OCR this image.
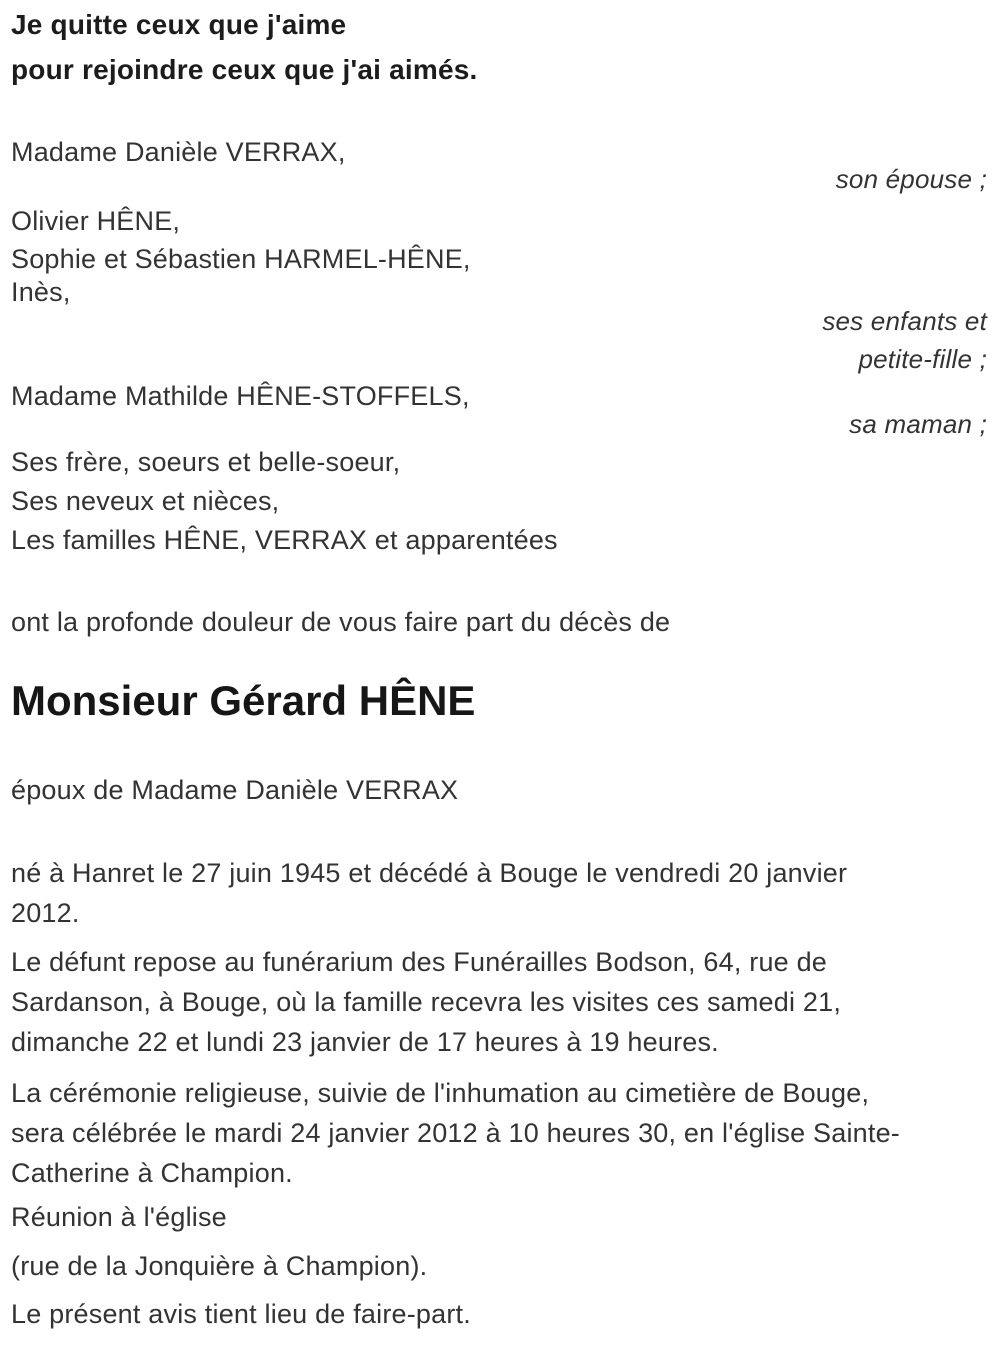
Je quitte ceux que j'aime
pour rejoindre ceux que j'ai aimés.
Madame Danièle VERRAX,
son épouse ;
Olivier HÊNE,
Sophie et Sébastien HARMEL-HÊNE,
Inès,
ses enfants et
petite-fille ;
Madame Mathilde HÊNE-STOFFELS,
sa maman ;
Ses frère, soeurs et belle-soeur,
Ses neveux et nièces,
Les familles HÊNE, VERRAX et apparentées
ont la profonde douleur de vous faire part du décès de
Monsieur Gérard HÊNE
époux de Madame Danièle VERRAX
né à Hanret le 27 juin 1945 et décédé à Bouge le vendredi 20 janvier
2012.
Le défunt repose au funérarium des Funérailles Bodson, 64, rue de
Sardanson, à Bouge, où la famille recevra les visites ces samedi 21,
dimanche 22 et lundi 23 janvier de 17 heures à 19 heures.
La cérémonie religieuse, suivie de l'inhumation au cimetière de Bouge,
sera célébrée le mardi 24 janvier 2012 à 10 heures 30, en l'église Sainte-
Catherine à Champion.
Réunion à l'église
(rue de la Jonquière à Champion).
Le présent avis tient lieu de faire-part.
